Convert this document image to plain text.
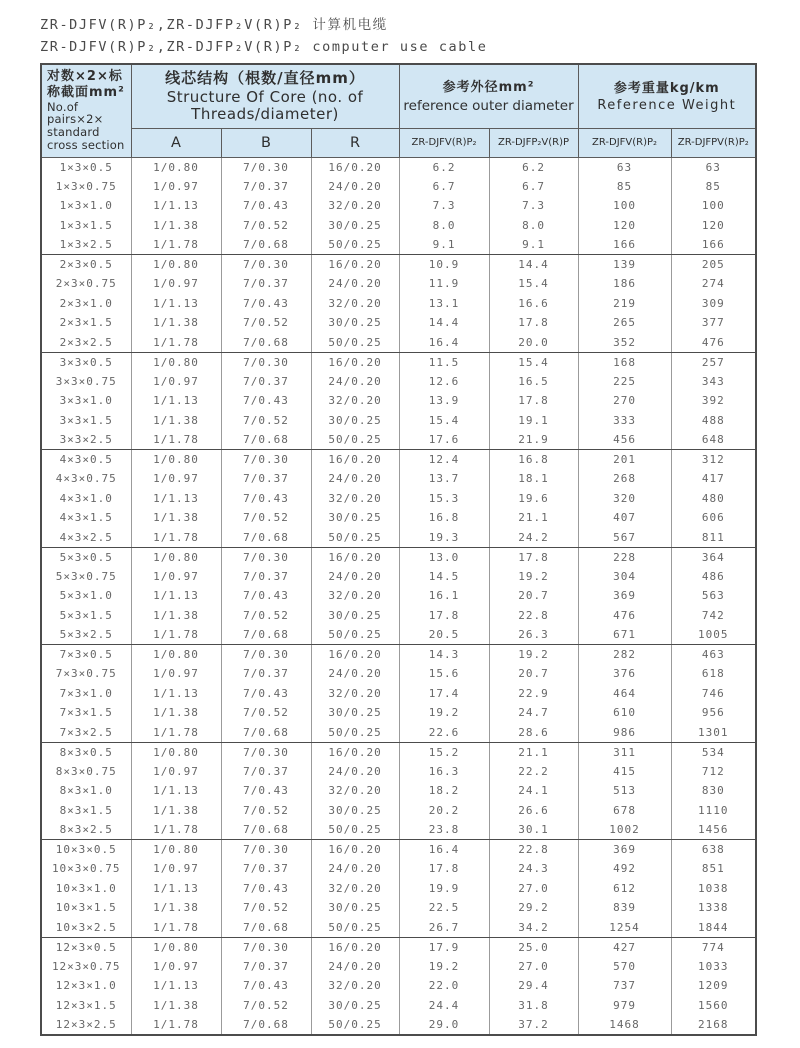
ZR-DJFV(R)P₂,ZR-DJFP₂V(R)P₂ 计算机电缆
ZR-DJFV(R)P₂,ZR-DJFP₂V(R)P₂ computer use cable
对数×2×标称截面mm²
No.of pairs×2× standard cross section

线芯结构（根数/直径mm）
Structure Of Core (no. of Threads/diameter)

参考外径mm²
reference outer diameter

参考重量kg/km
Reference Weight

	A	B	R	ZR-DJFV(R)P₂	ZR-DJFP₂V(R)P	ZR-DJFV(R)P₂	ZR-DJFPV(R)P₂
1×3×0.5	1/0.80	7/0.30	16/0.20	6.2	6.2	63	63
1×3×0.75	1/0.97	7/0.37	24/0.20	6.7	6.7	85	85
1×3×1.0	1/1.13	7/0.43	32/0.20	7.3	7.3	100	100
1×3×1.5	1/1.38	7/0.52	30/0.25	8.0	8.0	120	120
1×3×2.5	1/1.78	7/0.68	50/0.25	9.1	9.1	166	166
2×3×0.5	1/0.80	7/0.30	16/0.20	10.9	14.4	139	205
2×3×0.75	1/0.97	7/0.37	24/0.20	11.9	15.4	186	274
2×3×1.0	1/1.13	7/0.43	32/0.20	13.1	16.6	219	309
2×3×1.5	1/1.38	7/0.52	30/0.25	14.4	17.8	265	377
2×3×2.5	1/1.78	7/0.68	50/0.25	16.4	20.0	352	476
3×3×0.5	1/0.80	7/0.30	16/0.20	11.5	15.4	168	257
3×3×0.75	1/0.97	7/0.37	24/0.20	12.6	16.5	225	343
3×3×1.0	1/1.13	7/0.43	32/0.20	13.9	17.8	270	392
3×3×1.5	1/1.38	7/0.52	30/0.25	15.4	19.1	333	488
3×3×2.5	1/1.78	7/0.68	50/0.25	17.6	21.9	456	648
4×3×0.5	1/0.80	7/0.30	16/0.20	12.4	16.8	201	312
4×3×0.75	1/0.97	7/0.37	24/0.20	13.7	18.1	268	417
4×3×1.0	1/1.13	7/0.43	32/0.20	15.3	19.6	320	480
4×3×1.5	1/1.38	7/0.52	30/0.25	16.8	21.1	407	606
4×3×2.5	1/1.78	7/0.68	50/0.25	19.3	24.2	567	811
5×3×0.5	1/0.80	7/0.30	16/0.20	13.0	17.8	228	364
5×3×0.75	1/0.97	7/0.37	24/0.20	14.5	19.2	304	486
5×3×1.0	1/1.13	7/0.43	32/0.20	16.1	20.7	369	563
5×3×1.5	1/1.38	7/0.52	30/0.25	17.8	22.8	476	742
5×3×2.5	1/1.78	7/0.68	50/0.25	20.5	26.3	671	1005
7×3×0.5	1/0.80	7/0.30	16/0.20	14.3	19.2	282	463
7×3×0.75	1/0.97	7/0.37	24/0.20	15.6	20.7	376	618
7×3×1.0	1/1.13	7/0.43	32/0.20	17.4	22.9	464	746
7×3×1.5	1/1.38	7/0.52	30/0.25	19.2	24.7	610	956
7×3×2.5	1/1.78	7/0.68	50/0.25	22.6	28.6	986	1301
8×3×0.5	1/0.80	7/0.30	16/0.20	15.2	21.1	311	534
8×3×0.75	1/0.97	7/0.37	24/0.20	16.3	22.2	415	712
8×3×1.0	1/1.13	7/0.43	32/0.20	18.2	24.1	513	830
8×3×1.5	1/1.38	7/0.52	30/0.25	20.2	26.6	678	1110
8×3×2.5	1/1.78	7/0.68	50/0.25	23.8	30.1	1002	1456
10×3×0.5	1/0.80	7/0.30	16/0.20	16.4	22.8	369	638
10×3×0.75	1/0.97	7/0.37	24/0.20	17.8	24.3	492	851
10×3×1.0	1/1.13	7/0.43	32/0.20	19.9	27.0	612	1038
10×3×1.5	1/1.38	7/0.52	30/0.25	22.5	29.2	839	1338
10×3×2.5	1/1.78	7/0.68	50/0.25	26.7	34.2	1254	1844
12×3×0.5	1/0.80	7/0.30	16/0.20	17.9	25.0	427	774
12×3×0.75	1/0.97	7/0.37	24/0.20	19.2	27.0	570	1033
12×3×1.0	1/1.13	7/0.43	32/0.20	22.0	29.4	737	1209
12×3×1.5	1/1.38	7/0.52	30/0.25	24.4	31.8	979	1560
12×3×2.5	1/1.78	7/0.68	50/0.25	29.0	37.2	1468	2168
